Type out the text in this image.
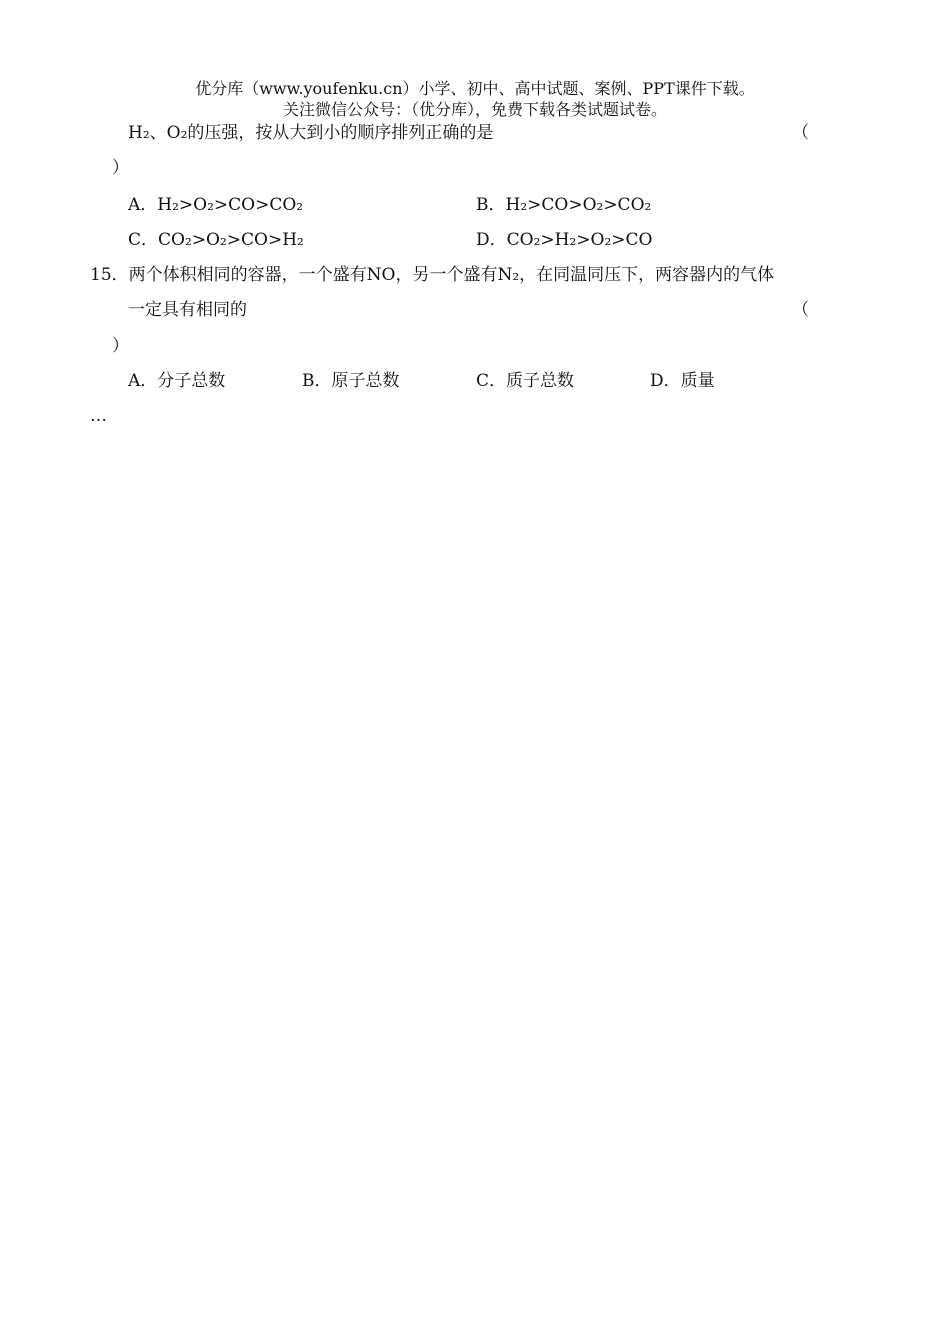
优分库（www.youfenku.cn）小学、初中、高中试题、案例、PPT课件下载。
关注微信公众号：（优分库），免费下载各类试题试卷。
H₂、O₂的压强，按从大到小的顺序排列正确的是	（
）
A．H₂>O₂>CO>CO₂	B．H₂>CO>O₂>CO₂
C．CO₂>O₂>CO>H₂	D．CO₂>H₂>O₂>CO
15．两个体积相同的容器，一个盛有NO，另一个盛有N₂，在同温同压下，两容器内的气体
一定具有相同的	（
）
A．分子总数	B．原子总数	C．质子总数	D．质量
…
